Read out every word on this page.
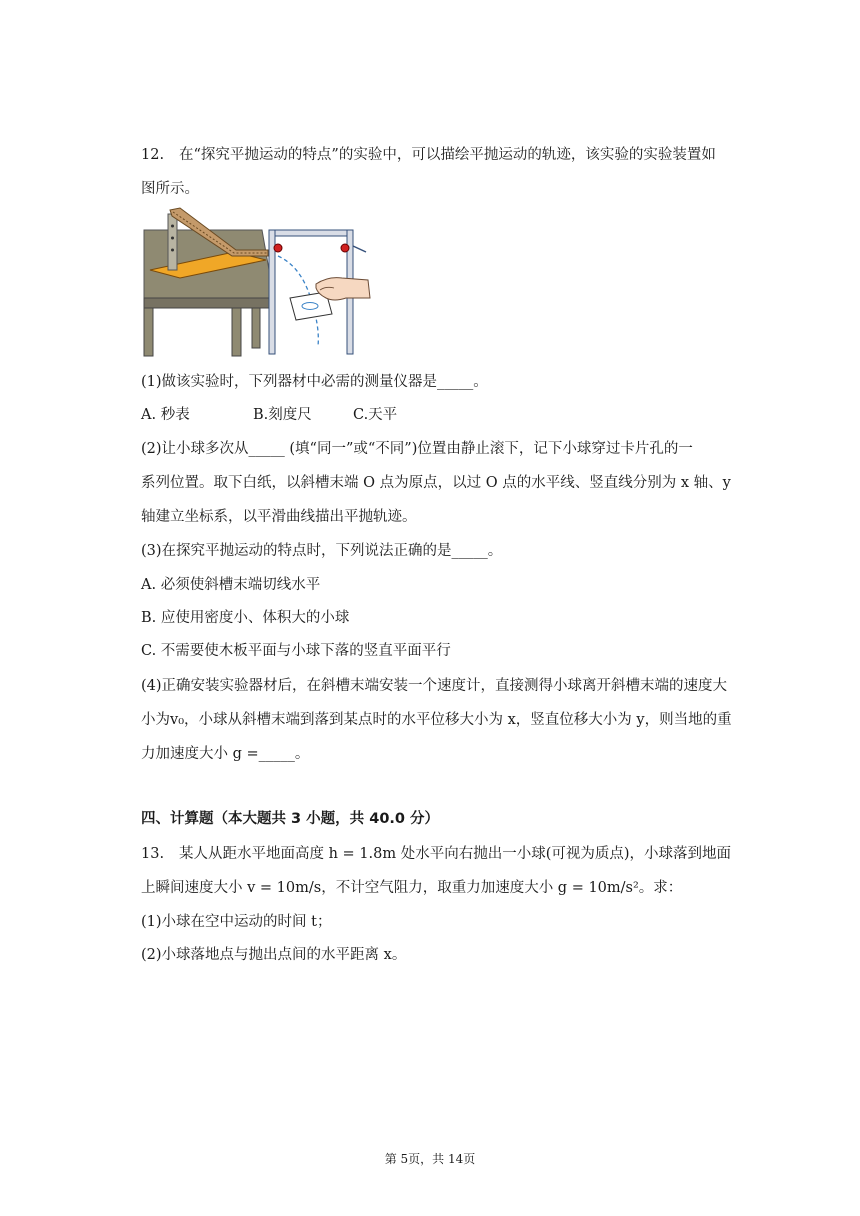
12. 在“探究平抛运动的特点”的实验中，可以描绘平抛运动的轨迹，该实验的实验装置如
图所示。
(1)做该实验时，下列器材中必需的测量仪器是_____。
A. 秒表	B.刻度尺	C.天平
(2)让小球多次从_____ (填“同一”或“不同”)位置由静止滚下，记下小球穿过卡片孔的一
系列位置。取下白纸，以斜槽末端 O 点为原点，以过 O 点的水平线、竖直线分别为 x 轴、y
轴建立坐标系，以平滑曲线描出平抛轨迹。
(3)在探究平抛运动的特点时，下列说法正确的是_____。
A. 必须使斜槽末端切线水平
B. 应使用密度小、体积大的小球
C. 不需要使木板平面与小球下落的竖直平面平行
(4)正确安装实验器材后，在斜槽末端安装一个速度计，直接测得小球离开斜槽末端的速度大
小为v₀，小球从斜槽末端到落到某点时的水平位移大小为 x，竖直位移大小为 y，则当地的重
力加速度大小 g =_____。
四、计算题（本大题共 3 小题，共 40.0 分）
13. 某人从距水平地面高度 h = 1.8m 处水平向右抛出一小球(可视为质点)，小球落到地面
上瞬间速度大小 v = 10m/s，不计空气阻力，取重力加速度大小 g = 10m/s²。求：
(1)小球在空中运动的时间 t；
(2)小球落地点与抛出点间的水平距离 x。
第 5页，共 14页
